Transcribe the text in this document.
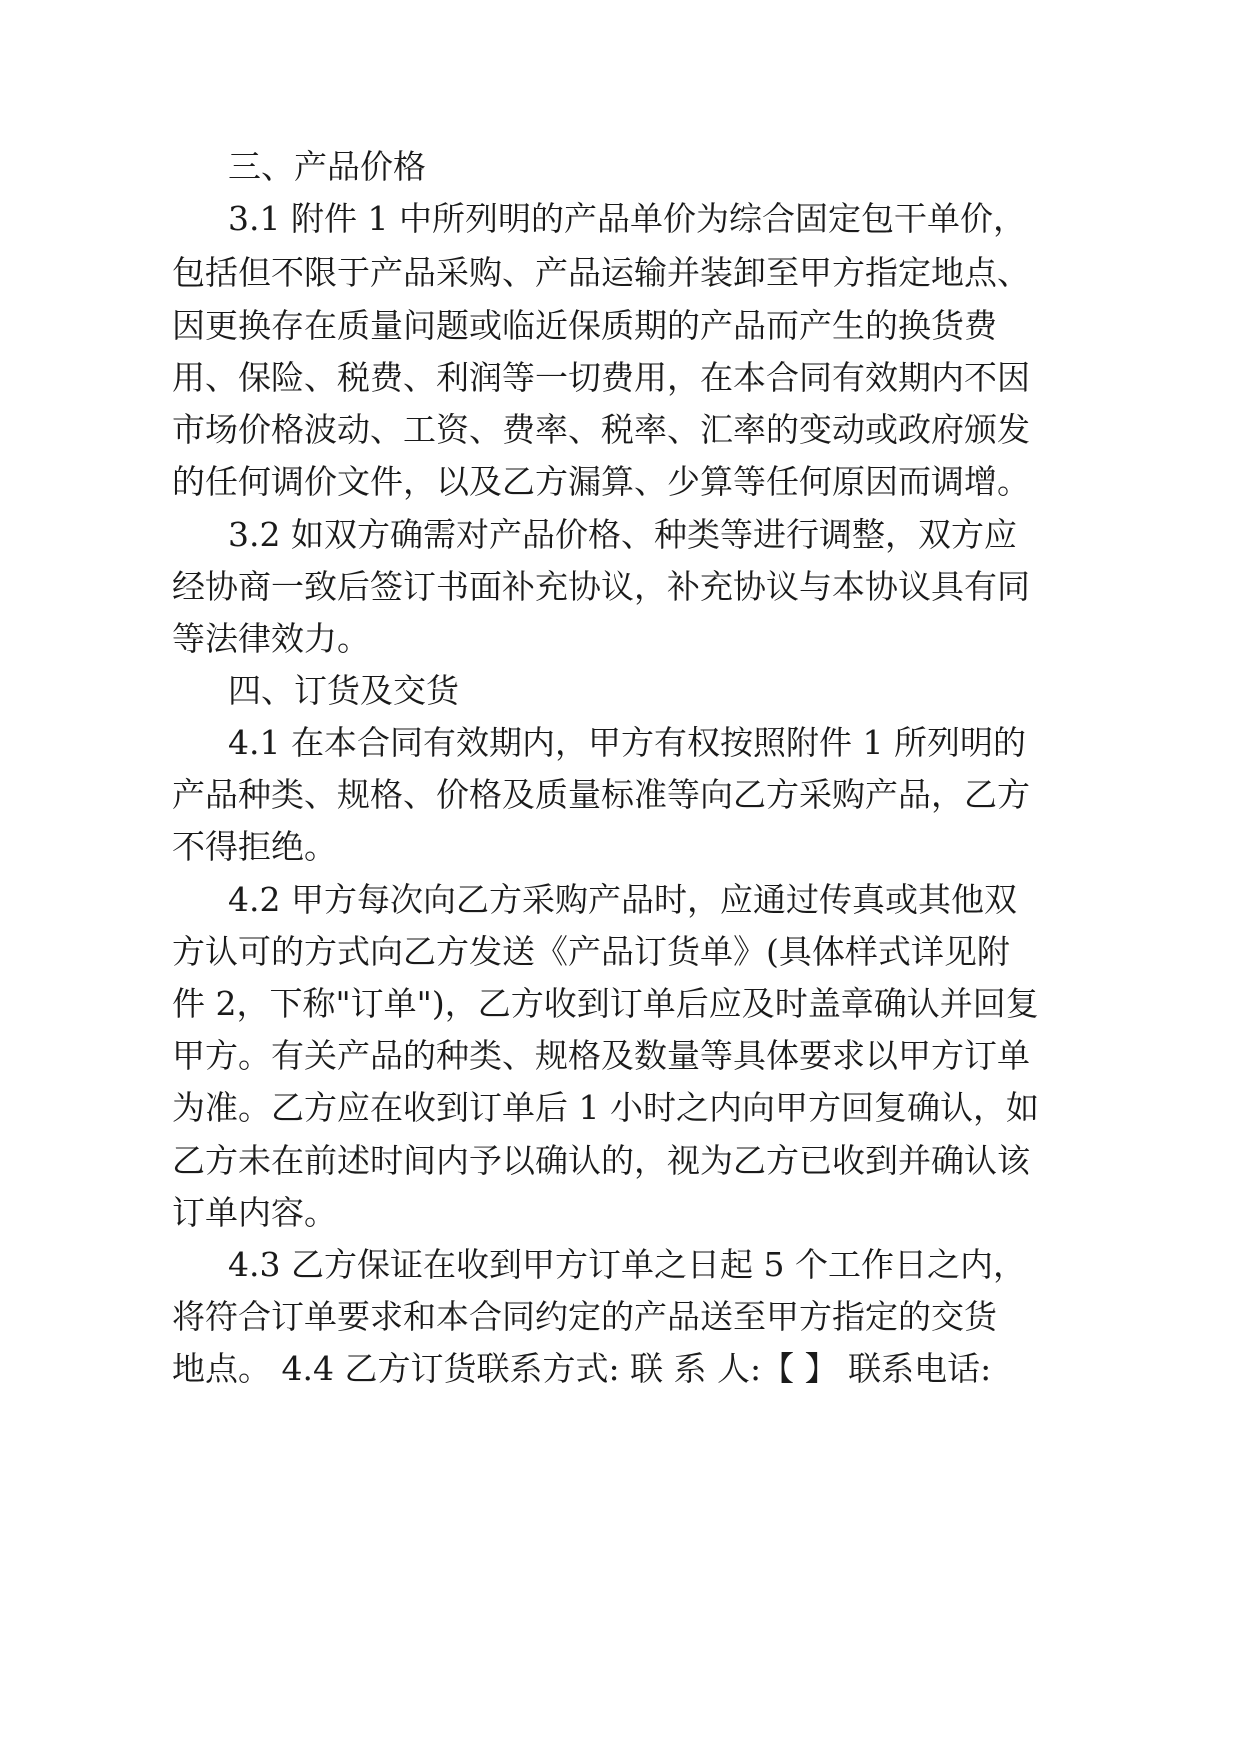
三、产品价格
3.1 附件 1 中所列明的产品单价为综合固定包干单价，
包括但不限于产品采购、产品运输并装卸至甲方指定地点、
因更换存在质量问题或临近保质期的产品而产生的换货费
用、保险、税费、利润等一切费用，在本合同有效期内不因
市场价格波动、工资、费率、税率、汇率的变动或政府颁发
的任何调价文件，以及乙方漏算、少算等任何原因而调增。
3.2 如双方确需对产品价格、种类等进行调整，双方应
经协商一致后签订书面补充协议，补充协议与本协议具有同
等法律效力。
四、订货及交货
4.1 在本合同有效期内，甲方有权按照附件 1 所列明的
产品种类、规格、价格及质量标准等向乙方采购产品，乙方
不得拒绝。
4.2 甲方每次向乙方采购产品时，应通过传真或其他双
方认可的方式向乙方发送《产品订货单》(具体样式详见附
件 2，下称"订单")，乙方收到订单后应及时盖章确认并回复
甲方。有关产品的种类、规格及数量等具体要求以甲方订单
为准。乙方应在收到订单后 1 小时之内向甲方回复确认，如
乙方未在前述时间内予以确认的，视为乙方已收到并确认该
订单内容。
4.3 乙方保证在收到甲方订单之日起 5 个工作日之内，
将符合订单要求和本合同约定的产品送至甲方指定的交货
地点。 4.4 乙方订货联系方式: 联 系 人:【 】 联系电话:
